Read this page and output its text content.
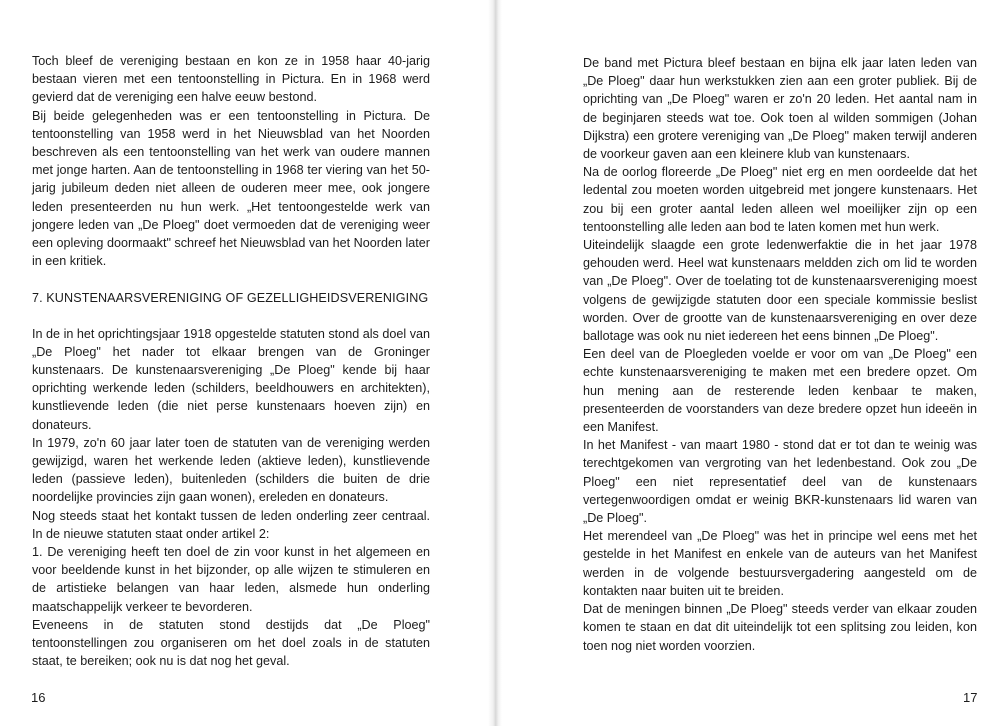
Toch bleef de vereniging bestaan en kon ze in 1958 haar 40-jarig bestaan vieren met een tentoonstelling in Pictura. En in 1968 werd gevierd dat de vereniging een halve eeuw bestond.

Bij beide gelegenheden was er een tentoonstelling in Pictura. De tentoonstelling van 1958 werd in het Nieuwsblad van het Noorden beschreven als een tentoonstelling van het werk van oudere mannen met jonge harten. Aan de tentoonstelling in 1968 ter viering van het 50-jarig jubileum deden niet alleen de ouderen meer mee, ook jongere leden presenteerden nu hun werk. „Het tentoongestelde werk van jongere leden van „De Ploeg" doet vermoeden dat de vereniging weer een opleving doormaakt" schreef het Nieuwsblad van het Noorden later in een kritiek.

7. KUNSTENAARSVERENIGING OF GEZELLIGHEIDSVERENIGING

In de in het oprichtingsjaar 1918 opgestelde statuten stond als doel van „De Ploeg" het nader tot elkaar brengen van de Groninger kunstenaars. De kunstenaarsvereniging „De Ploeg" kende bij haar oprichting werkende leden (schilders, beeldhouwers en architekten), kunstlievende leden (die niet perse kunstenaars hoeven zijn) en donateurs.

In 1979, zo'n 60 jaar later toen de statuten van de vereniging werden gewijzigd, waren het werkende leden (aktieve leden), kunstlievende leden (passieve leden), buitenleden (schilders die buiten de drie noordelijke provincies zijn gaan wonen), ereleden en donateurs.

Nog steeds staat het kontakt tussen de leden onderling zeer centraal. In de nieuwe statuten staat onder artikel 2:

1. De vereniging heeft ten doel de zin voor kunst in het algemeen en voor beeldende kunst in het bijzonder, op alle wijzen te stimuleren en de artistieke belangen van haar leden, alsmede hun onderling maatschappelijk verkeer te bevorderen.

Eveneens in de statuten stond destijds dat „De Ploeg" tentoonstellingen zou organiseren om het doel zoals in de statuten staat, te bereiken; ook nu is dat nog het geval.

16

De band met Pictura bleef bestaan en bijna elk jaar laten leden van „De Ploeg" daar hun werkstukken zien aan een groter publiek. Bij de oprichting van „De Ploeg" waren er zo'n 20 leden. Het aantal nam in de beginjaren steeds wat toe. Ook toen al wilden sommigen (Johan Dijkstra) een grotere vereniging van „De Ploeg" maken terwijl anderen de voorkeur gaven aan een kleinere klub van kunstenaars.

Na de oorlog floreerde „De Ploeg" niet erg en men oordeelde dat het ledental zou moeten worden uitgebreid met jongere kunstenaars. Het zou bij een groter aantal leden alleen wel moeilijker zijn op een tentoonstelling alle leden aan bod te laten komen met hun werk.

Uiteindelijk slaagde een grote ledenwerfaktie die in het jaar 1978 gehouden werd. Heel wat kunstenaars meldden zich om lid te worden van „De Ploeg". Over de toelating tot de kunstenaarsvereniging moest volgens de gewijzigde statuten door een speciale kommissie beslist worden. Over de grootte van de kunstenaarsvereniging en over deze ballotage was ook nu niet iedereen het eens binnen „De Ploeg".

Een deel van de Ploegleden voelde er voor om van „De Ploeg" een echte kunstenaarsvereniging te maken met een bredere opzet. Om hun mening aan de resterende leden kenbaar te maken, presenteerden de voorstanders van deze bredere opzet hun ideeën in een Manifest.

In het Manifest - van maart 1980 - stond dat er tot dan te weinig was terechtgekomen van vergroting van het ledenbestand. Ook zou „De Ploeg" een niet representatief deel van de kunstenaars vertegenwoordigen omdat er weinig BKR-kunstenaars lid waren van „De Ploeg".

Het merendeel van „De Ploeg" was het in principe wel eens met het gestelde in het Manifest en enkele van de auteurs van het Manifest werden in de volgende bestuursvergadering aangesteld om de kontakten naar buiten uit te breiden.

Dat de meningen binnen „De Ploeg" steeds verder van elkaar zouden komen te staan en dat dit uiteindelijk tot een splitsing zou leiden, kon toen nog niet worden voorzien.

17
